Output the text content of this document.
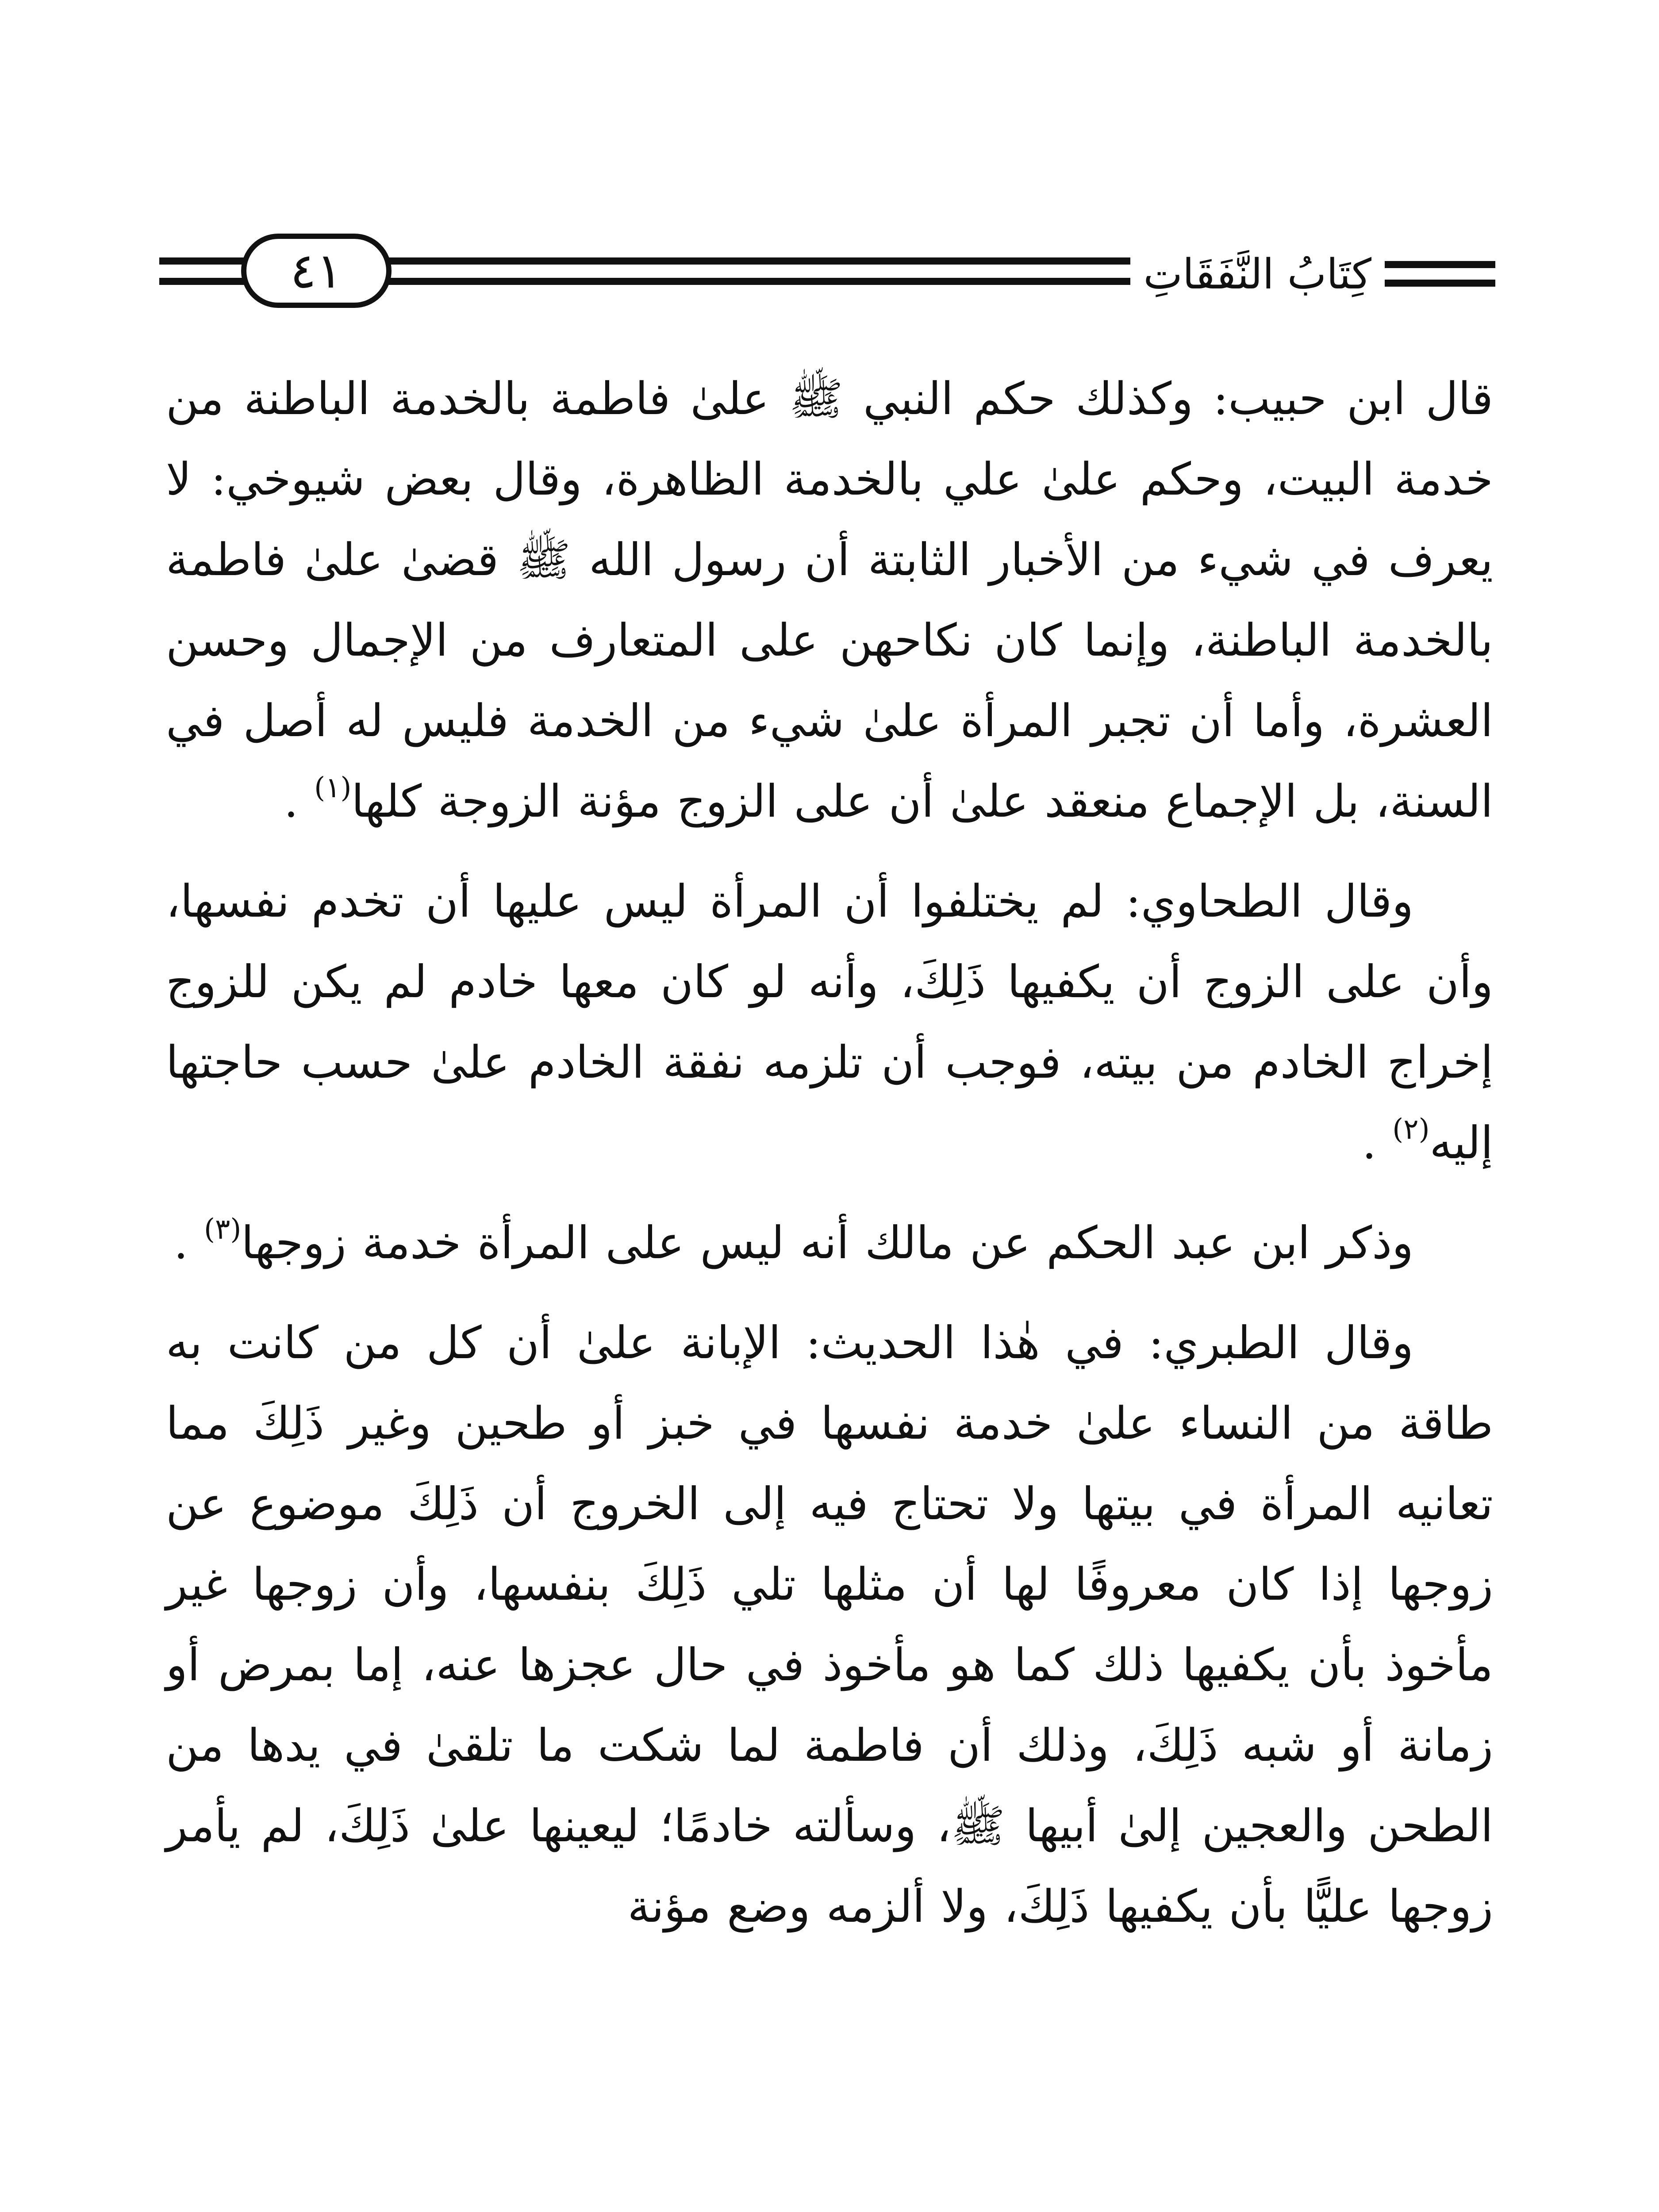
كِتَابُ النَّفَقَاتِ
٤١

قال ابن حبيب: وكذلك حكم النبي ﷺ علىٰ فاطمة بالخدمة الباطنة من خدمة البيت، وحكم علىٰ علي بالخدمة الظاهرة، وقال بعض شيوخي: لا يعرف في شيء من الأخبار الثابتة أن رسول الله ﷺ قضىٰ علىٰ فاطمة بالخدمة الباطنة، وإنما كان نكاحهن على المتعارف من الإجمال وحسن العشرة، وأما أن تجبر المرأة علىٰ شيء من الخدمة فليس له أصل في السنة، بل الإجماع منعقد علىٰ أن على الزوج مؤنة الزوجة كلها$^{(١)}$ .

وقال الطحاوي: لم يختلفوا أن المرأة ليس عليها أن تخدم نفسها، وأن على الزوج أن يكفيها ذَلِكَ، وأنه لو كان معها خادم لم يكن للزوج إخراج الخادم من بيته، فوجب أن تلزمه نفقة الخادم علىٰ حسب حاجتها إليه$^{(٢)}$ .

وذكر ابن عبد الحكم عن مالك أنه ليس على المرأة خدمة زوجها$^{(٣)}$ .

وقال الطبري: في هٰذا الحديث: الإبانة علىٰ أن كل من كانت به طاقة من النساء علىٰ خدمة نفسها في خبز أو طحين وغير ذَلِكَ مما تعانيه المرأة في بيتها ولا تحتاج فيه إلى الخروج أن ذَلِكَ موضوع عن زوجها إذا كان معروفًا لها أن مثلها تلي ذَلِكَ بنفسها، وأن زوجها غير مأخوذ بأن يكفيها ذلك كما هو مأخوذ في حال عجزها عنه، إما بمرض أو زمانة أو شبه ذَلِكَ، وذلك أن فاطمة لما شكت ما تلقىٰ في يدها من الطحن والعجين إلىٰ أبيها ﷺ، وسألته خادمًا؛ ليعينها علىٰ ذَلِكَ، لم يأمر زوجها عليًّا بأن يكفيها ذَلِكَ، ولا ألزمه وضع مؤنة
